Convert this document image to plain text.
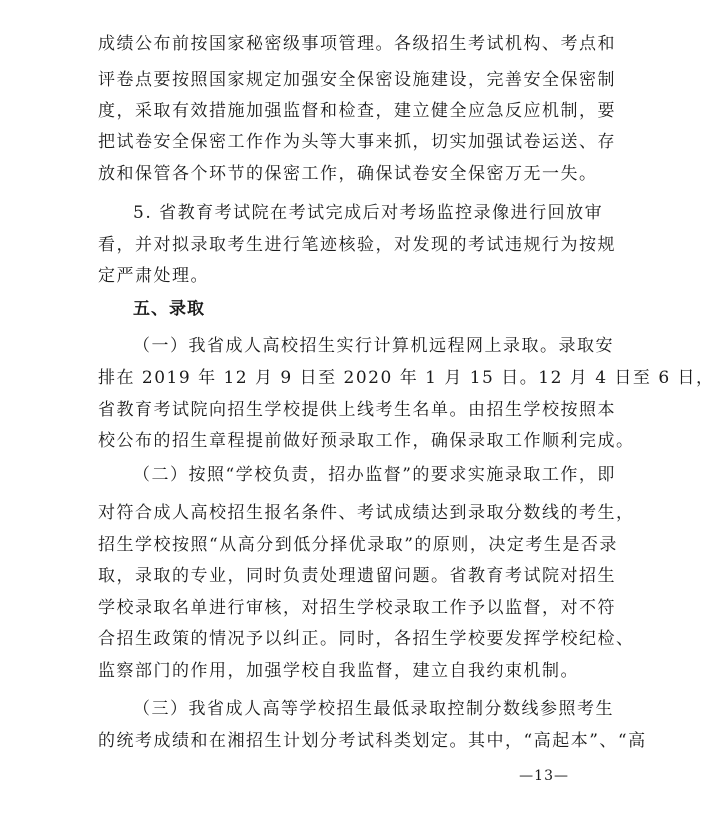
成绩公布前按国家秘密级事项管理。各级招生考试机构、考点和
评卷点要按照国家规定加强安全保密设施建设，完善安全保密制
度，采取有效措施加强监督和检查，建立健全应急反应机制，要
把试卷安全保密工作作为头等大事来抓，切实加强试卷运送、存
放和保管各个环节的保密工作，确保试卷安全保密万无一失。
5. 省教育考试院在考试完成后对考场监控录像进行回放审
看，并对拟录取考生进行笔迹核验，对发现的考试违规行为按规
定严肃处理。
五、录取
（一）我省成人高校招生实行计算机远程网上录取。录取安
排在 2019 年 12 月 9 日至 2020 年 1 月 15 日。12 月 4 日至 6 日，
省教育考试院向招生学校提供上线考生名单。由招生学校按照本
校公布的招生章程提前做好预录取工作，确保录取工作顺利完成。
（二）按照“学校负责，招办监督”的要求实施录取工作，即
对符合成人高校招生报名条件、考试成绩达到录取分数线的考生，
招生学校按照“从高分到低分择优录取”的原则，决定考生是否录
取，录取的专业，同时负责处理遗留问题。省教育考试院对招生
学校录取名单进行审核，对招生学校录取工作予以监督，对不符
合招生政策的情况予以纠正。同时，各招生学校要发挥学校纪检、
监察部门的作用，加强学校自我监督，建立自我约束机制。
（三）我省成人高等学校招生最低录取控制分数线参照考生
的统考成绩和在湘招生计划分考试科类划定。其中，“高起本”、“高
—13—
